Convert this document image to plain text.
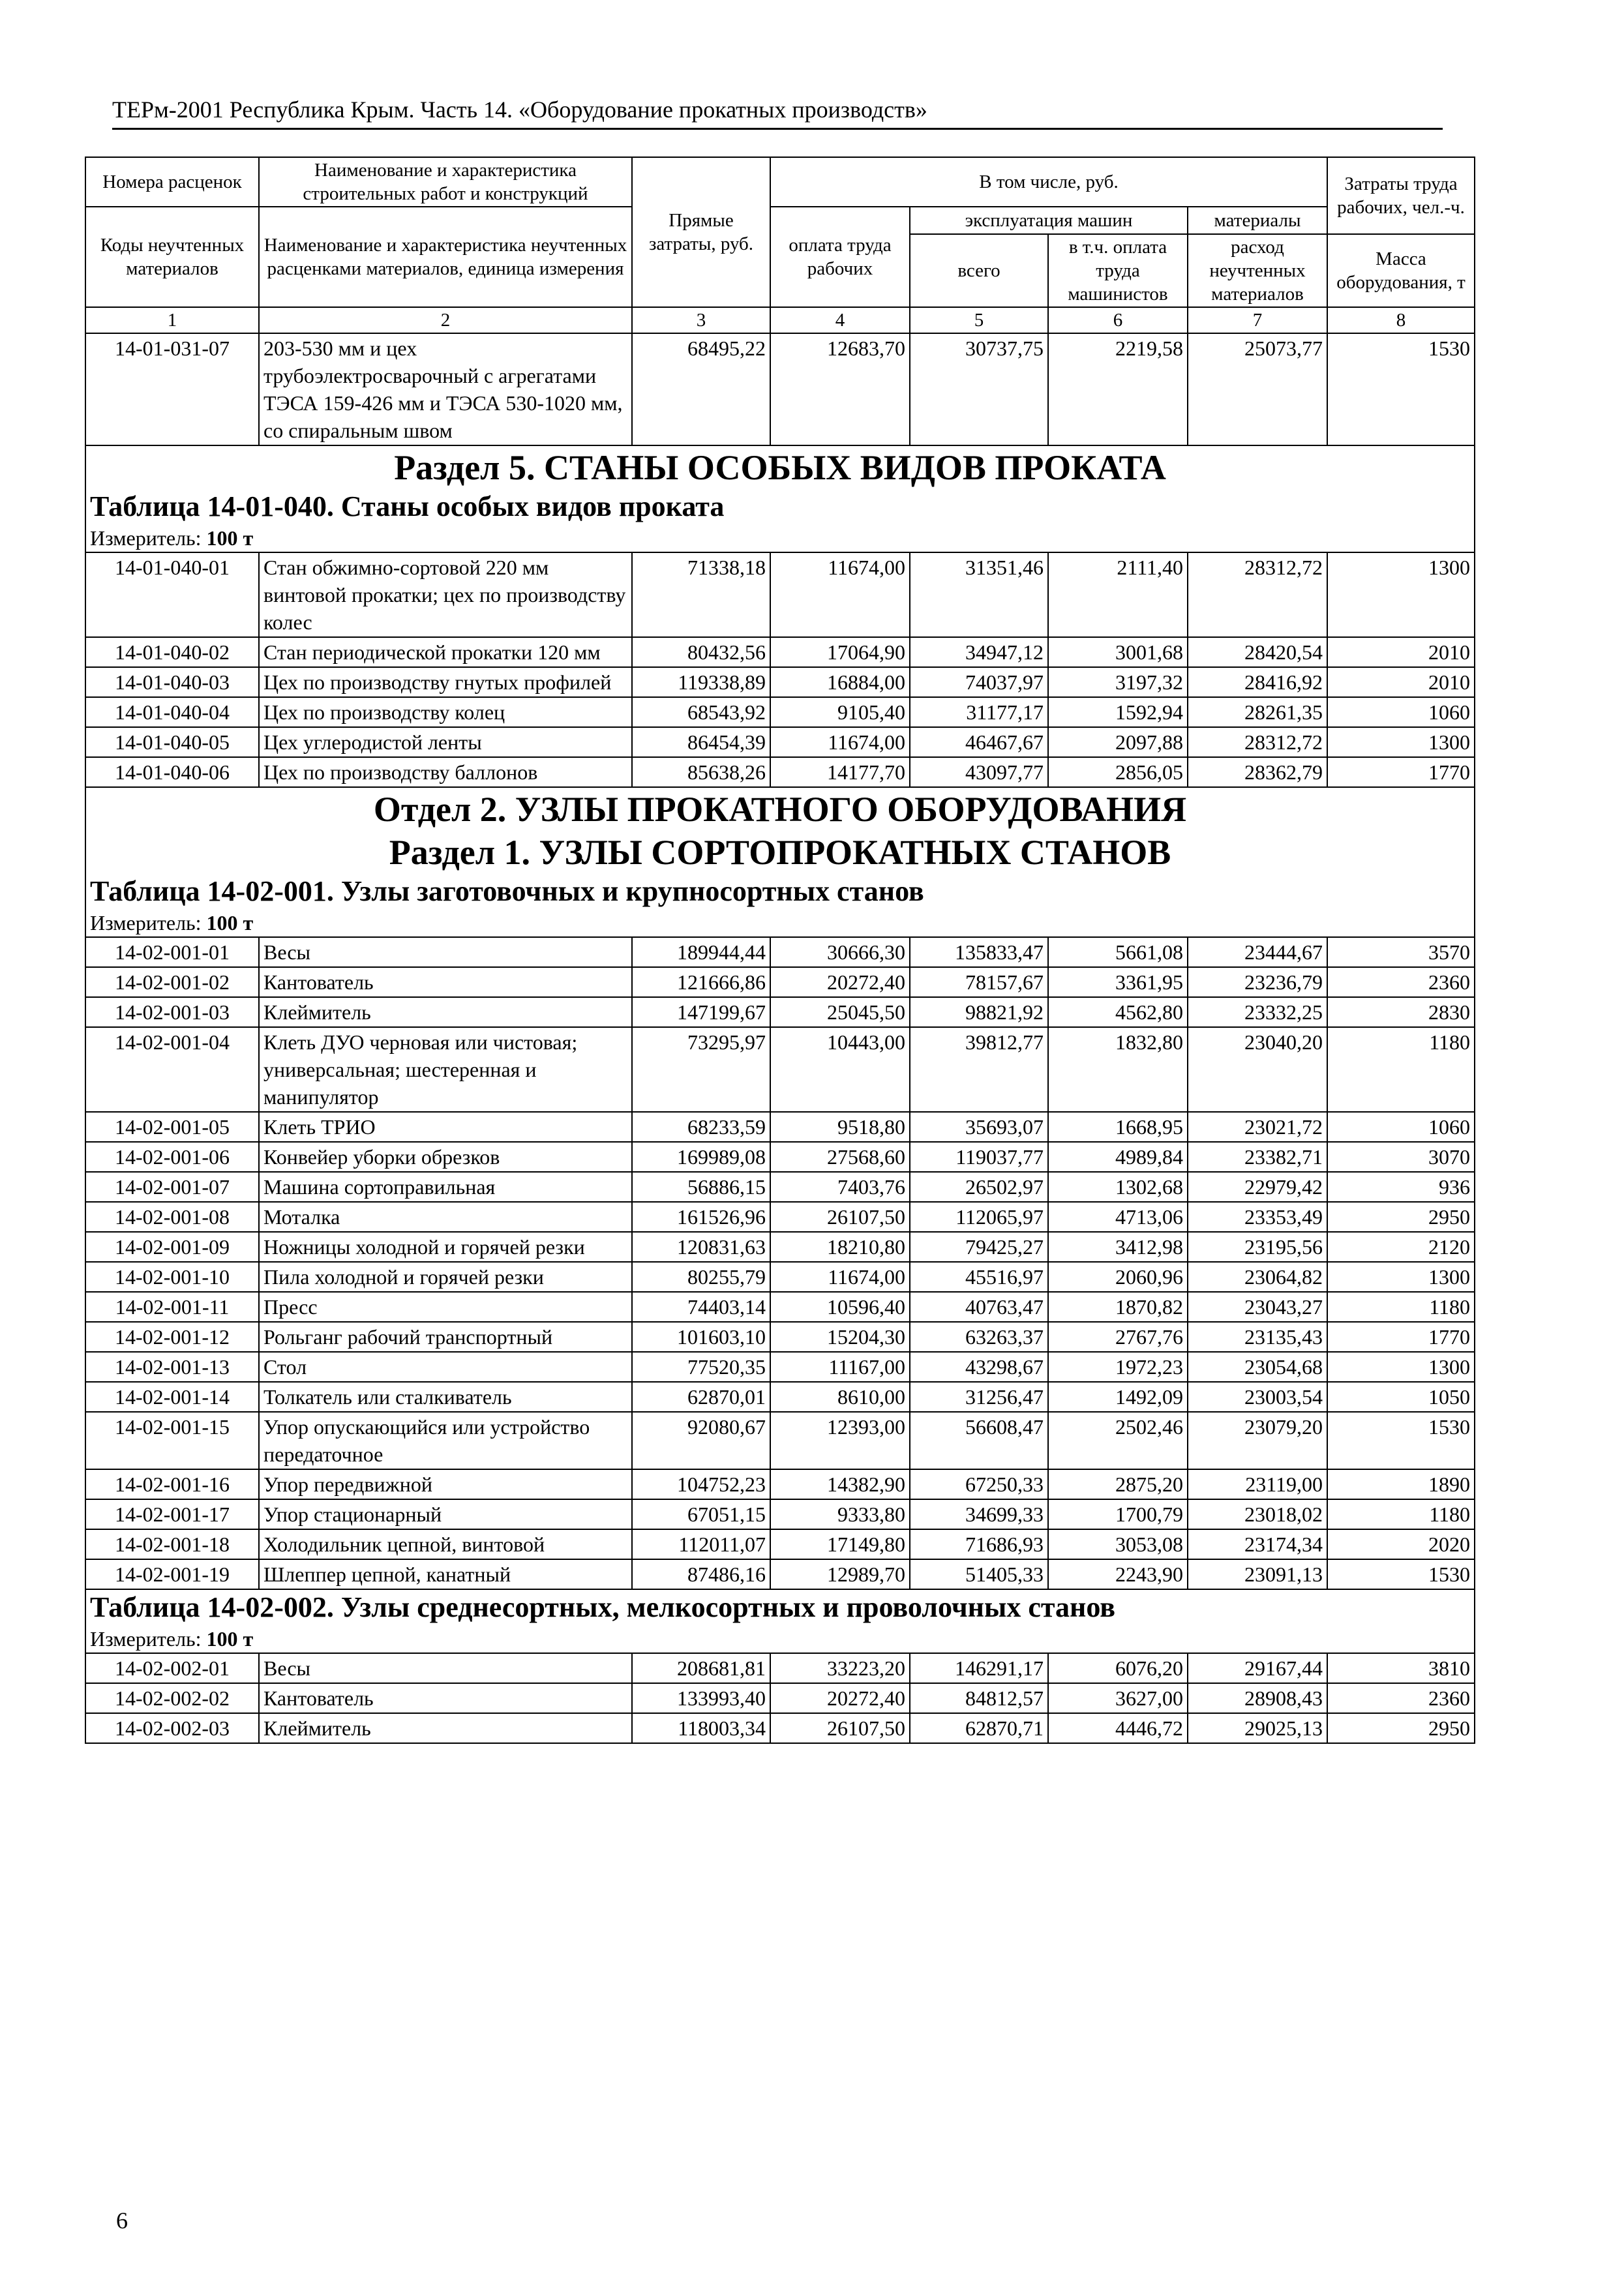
ТЕРм-2001 Республика Крым. Часть 14. «Оборудование прокатных производств»
Номера расценок	Наименование и характеристика строительных работ и конструкций	Прямые затраты, руб.	В том числе, руб.				Затраты труда рабочих, чел.-ч.
Коды неучтенных материалов	Наименование и характеристика неучтенных расценками материалов, единица измерения		оплата труда рабочих	эксплуатация машин		материалы	
				всего	в т.ч. оплата труда машинистов	расход неучтенных материалов	Масса оборудования, т
1	2	3	4	5	6	7	8
14-01-031-07	203-530 мм и цех трубоэлектросварочный с агрегатами ТЭСА 159-426 мм и ТЭСА 530-1020 мм, со спиральным швом	68495,22	12683,70	30737,75	2219,58	25073,77	1530
Раздел 5. СТАНЫ ОСОБЫХ ВИДОВ ПРОКАТА							
Таблица 14-01-040. Станы особых видов проката							
Измеритель: 100 т							
14-01-040-01	Стан обжимно-сортовой 220 мм винтовой прокатки; цех по производству колес	71338,18	11674,00	31351,46	2111,40	28312,72	1300
14-01-040-02	Стан периодической прокатки 120 мм	80432,56	17064,90	34947,12	3001,68	28420,54	2010
14-01-040-03	Цех по производству гнутых профилей	119338,89	16884,00	74037,97	3197,32	28416,92	2010
14-01-040-04	Цех по производству колец	68543,92	9105,40	31177,17	1592,94	28261,35	1060
14-01-040-05	Цех углеродистой ленты	86454,39	11674,00	46467,67	2097,88	28312,72	1300
14-01-040-06	Цех по производству баллонов	85638,26	14177,70	43097,77	2856,05	28362,79	1770
Отдел 2. УЗЛЫ ПРОКАТНОГО ОБОРУДОВАНИЯ							
Раздел 1. УЗЛЫ СОРТОПРОКАТНЫХ СТАНОВ							
Таблица 14-02-001. Узлы заготовочных и крупносортных станов							
Измеритель: 100 т							
14-02-001-01	Весы	189944,44	30666,30	135833,47	5661,08	23444,67	3570
14-02-001-02	Кантователь	121666,86	20272,40	78157,67	3361,95	23236,79	2360
14-02-001-03	Клеймитель	147199,67	25045,50	98821,92	4562,80	23332,25	2830
14-02-001-04	Клеть ДУО черновая или чистовая; универсальная; шестеренная и манипулятор	73295,97	10443,00	39812,77	1832,80	23040,20	1180
14-02-001-05	Клеть ТРИО	68233,59	9518,80	35693,07	1668,95	23021,72	1060
14-02-001-06	Конвейер уборки обрезков	169989,08	27568,60	119037,77	4989,84	23382,71	3070
14-02-001-07	Машина сортоправильная	56886,15	7403,76	26502,97	1302,68	22979,42	936
14-02-001-08	Моталка	161526,96	26107,50	112065,97	4713,06	23353,49	2950
14-02-001-09	Ножницы холодной и горячей резки	120831,63	18210,80	79425,27	3412,98	23195,56	2120
14-02-001-10	Пила холодной и горячей резки	80255,79	11674,00	45516,97	2060,96	23064,82	1300
14-02-001-11	Пресс	74403,14	10596,40	40763,47	1870,82	23043,27	1180
14-02-001-12	Рольганг рабочий транспортный	101603,10	15204,30	63263,37	2767,76	23135,43	1770
14-02-001-13	Стол	77520,35	11167,00	43298,67	1972,23	23054,68	1300
14-02-001-14	Толкатель или сталкиватель	62870,01	8610,00	31256,47	1492,09	23003,54	1050
14-02-001-15	Упор опускающийся или устройство передаточное	92080,67	12393,00	56608,47	2502,46	23079,20	1530
14-02-001-16	Упор передвижной	104752,23	14382,90	67250,33	2875,20	23119,00	1890
14-02-001-17	Упор стационарный	67051,15	9333,80	34699,33	1700,79	23018,02	1180
14-02-001-18	Холодильник цепной, винтовой	112011,07	17149,80	71686,93	3053,08	23174,34	2020
14-02-001-19	Шлеппер цепной, канатный	87486,16	12989,70	51405,33	2243,90	23091,13	1530
Таблица 14-02-002. Узлы среднесортных, мелкосортных и проволочных станов							
Измеритель: 100 т							
14-02-002-01	Весы	208681,81	33223,20	146291,17	6076,20	29167,44	3810
14-02-002-02	Кантователь	133993,40	20272,40	84812,57	3627,00	28908,43	2360
14-02-002-03	Клеймитель	118003,34	26107,50	62870,71	4446,72	29025,13	2950
6
